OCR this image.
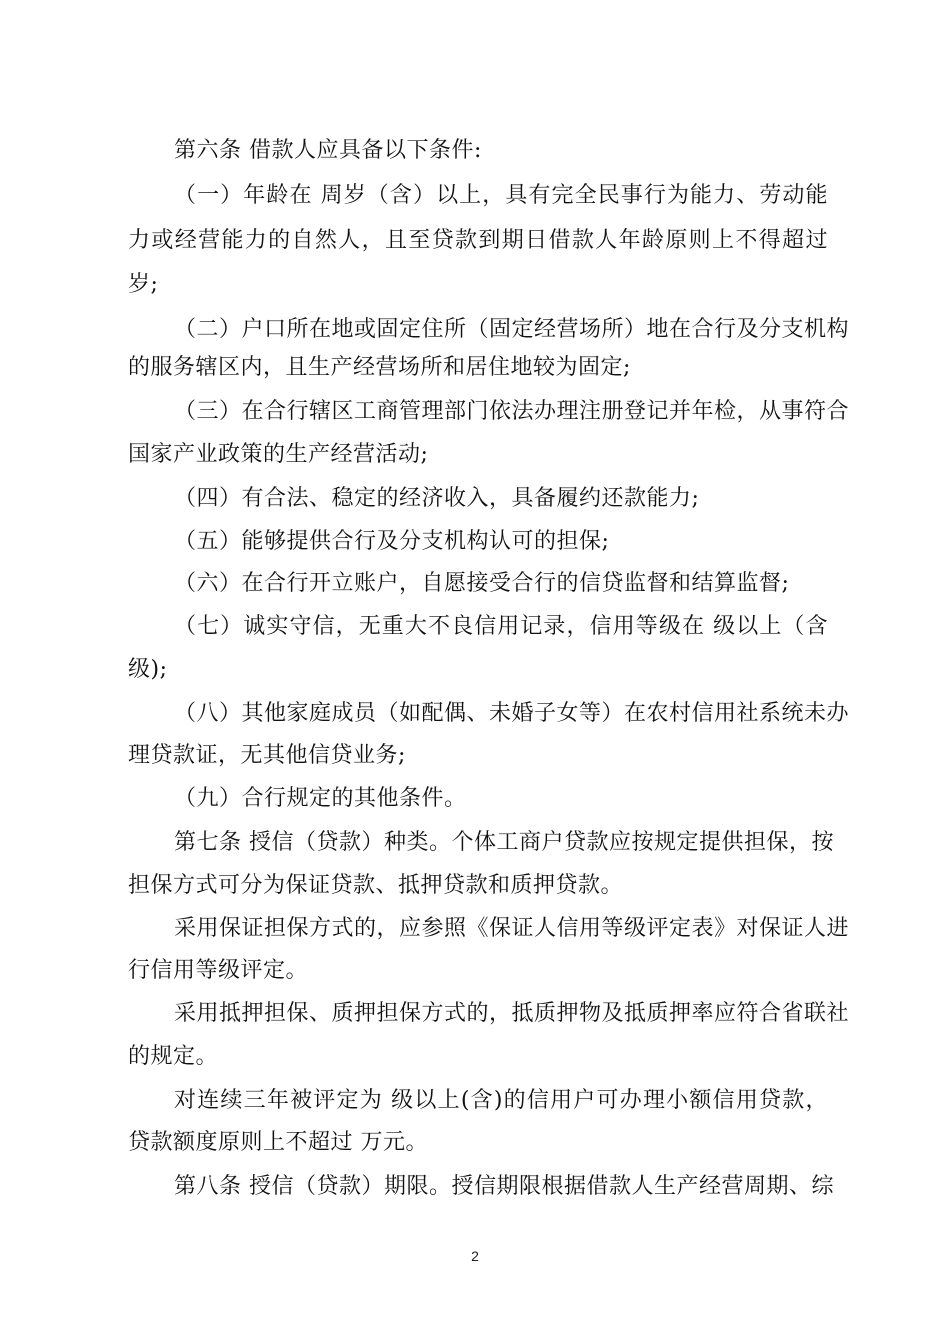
第六条 借款人应具备以下条件:
（一）年龄在 周岁（含）以上，具有完全民事行为能力、劳动能
力或经营能力的自然人，且至贷款到期日借款人年龄原则上不得超过
岁;
（二）户口所在地或固定住所（固定经营场所）地在合行及分支机构
的服务辖区内，且生产经营场所和居住地较为固定;
（三）在合行辖区工商管理部门依法办理注册登记并年检，从事符合
国家产业政策的生产经营活动;
（四）有合法、稳定的经济收入，具备履约还款能力;
（五）能够提供合行及分支机构认可的担保;
（六）在合行开立账户，自愿接受合行的信贷监督和结算监督;
（七）诚实守信，无重大不良信用记录，信用等级在 级以上（含
级);
（八）其他家庭成员（如配偶、未婚子女等）在农村信用社系统未办
理贷款证，无其他信贷业务;
（九）合行规定的其他条件。
第七条 授信（贷款）种类。个体工商户贷款应按规定提供担保，按
担保方式可分为保证贷款、抵押贷款和质押贷款。
采用保证担保方式的，应参照《保证人信用等级评定表》对保证人进
行信用等级评定。
采用抵押担保、质押担保方式的，抵质押物及抵质押率应符合省联社
的规定。
对连续三年被评定为 级以上(含)的信用户可办理小额信用贷款，
贷款额度原则上不超过 万元。
第八条 授信（贷款）期限。授信期限根据借款人生产经营周期、综
2
